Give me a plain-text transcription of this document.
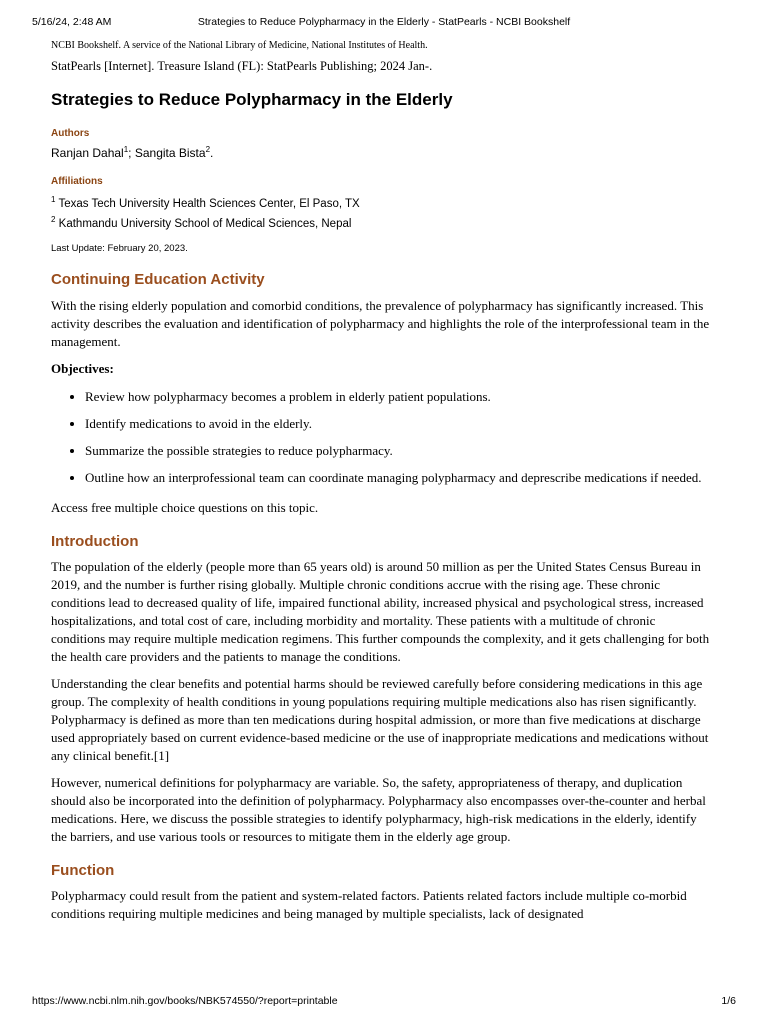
5/16/24, 2:48 AM	Strategies to Reduce Polypharmacy in the Elderly - StatPearls - NCBI Bookshelf

NCBI Bookshelf. A service of the National Library of Medicine, National Institutes of Health.

StatPearls [Internet]. Treasure Island (FL): StatPearls Publishing; 2024 Jan-.

Strategies to Reduce Polypharmacy in the Elderly

Authors

Ranjan Dahal$^1$; Sangita Bista$^2$.

Affiliations

$^1$ Texas Tech University Health Sciences Center, El Paso, TX

$^2$ Kathmandu University School of Medical Sciences, Nepal

Last Update: February 20, 2023.

Continuing Education Activity

With the rising elderly population and comorbid conditions, the prevalence of polypharmacy has significantly increased. This activity describes the evaluation and identification of polypharmacy and highlights the role of the interprofessional team in the management.

Objectives:

• Review how polypharmacy becomes a problem in elderly patient populations.
• Identify medications to avoid in the elderly.
• Summarize the possible strategies to reduce polypharmacy.
• Outline how an interprofessional team can coordinate managing polypharmacy and deprescribe medications if needed.

Access free multiple choice questions on this topic.

Introduction

The population of the elderly (people more than 65 years old) is around 50 million as per the United States Census Bureau in 2019, and the number is further rising globally. Multiple chronic conditions accrue with the rising age. These chronic conditions lead to decreased quality of life, impaired functional ability, increased physical and psychological stress, increased hospitalizations, and total cost of care, including morbidity and mortality. These patients with a multitude of chronic conditions may require multiple medication regimens. This further compounds the complexity, and it gets challenging for both the health care providers and the patients to manage the conditions.

Understanding the clear benefits and potential harms should be reviewed carefully before considering medications in this age group. The complexity of health conditions in young populations requiring multiple medications also has risen significantly. Polypharmacy is defined as more than ten medications during hospital admission, or more than five medications at discharge used appropriately based on current evidence-based medicine or the use of inappropriate medications and medications without any clinical benefit.[1]

However, numerical definitions for polypharmacy are variable. So, the safety, appropriateness of therapy, and duplication should also be incorporated into the definition of polypharmacy. Polypharmacy also encompasses over-the-counter and herbal medications. Here, we discuss the possible strategies to identify polypharmacy, high-risk medications in the elderly, identify the barriers, and use various tools or resources to mitigate them in the elderly age group.

Function

Polypharmacy could result from the patient and system-related factors. Patients related factors include multiple co-morbid conditions requiring multiple medicines and being managed by multiple specialists, lack of designated

https://www.ncbi.nlm.nih.gov/books/NBK574550/?report=printable	1/6
